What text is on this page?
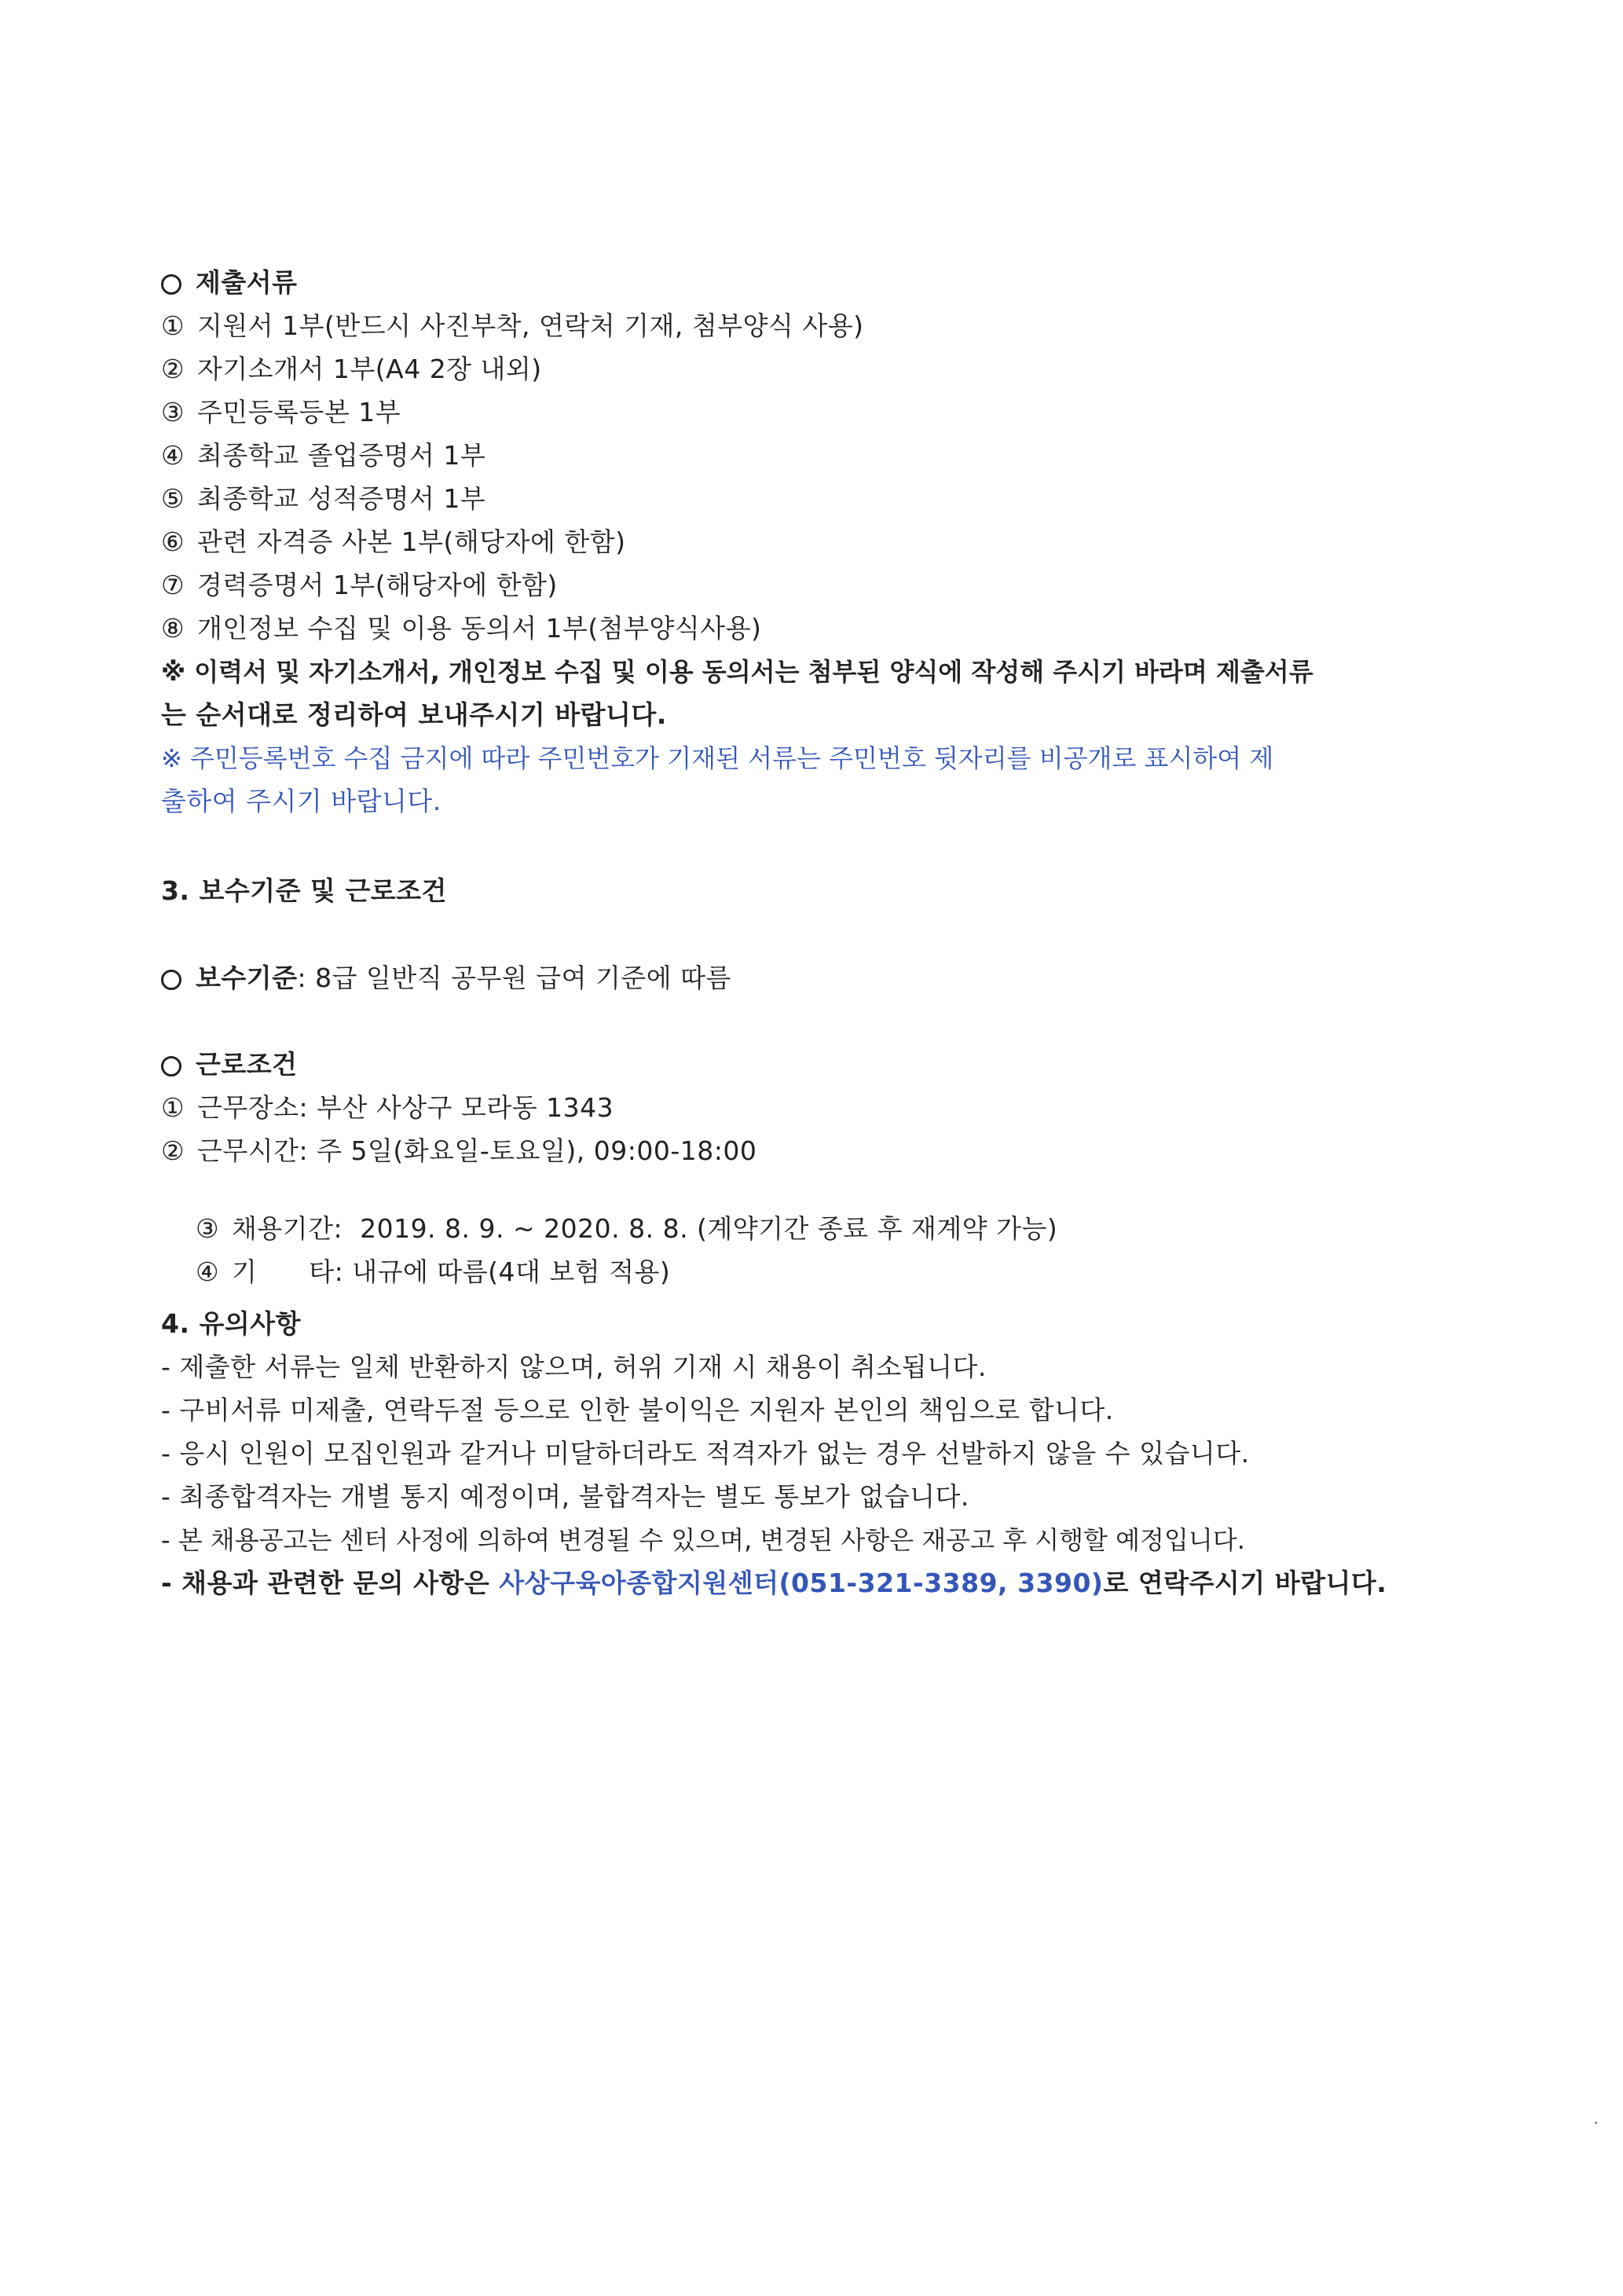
제출서류
① 지원서 1부(반드시 사진부착, 연락처 기재, 첨부양식 사용)
② 자기소개서 1부(A4 2장 내외)
③ 주민등록등본 1부
④ 최종학교 졸업증명서 1부
⑤ 최종학교 성적증명서 1부
⑥ 관련 자격증 사본 1부(해당자에 한함)
⑦ 경력증명서 1부(해당자에 한함)
⑧ 개인정보 수집 및 이용 동의서 1부(첨부양식사용)
※ 이력서 및 자기소개서, 개인정보 수집 및 이용 동의서는 첨부된 양식에 작성해 주시기 바라며 제출서류
는 순서대로 정리하여 보내주시기 바랍니다.
※ 주민등록번호 수집 금지에 따라 주민번호가 기재된 서류는 주민번호 뒷자리를 비공개로 표시하여 제
출하여 주시기 바랍니다.
3. 보수기준 및 근로조건
보수기준: 8급 일반직 공무원 급여 기준에 따름
근로조건
① 근무장소: 부산 사상구 모라동 1343
② 근무시간: 주 5일(화요일-토요일), 09:00-18:00

③ 채용기간:  2019. 8. 9. ~ 2020. 8. 8. (계약기간 종료 후 재계약 가능)

④ 기      타: 내규에 따름(4대 보험 적용)

4. 유의사항
- 제출한 서류는 일체 반환하지 않으며, 허위 기재 시 채용이 취소됩니다.
- 구비서류 미제출, 연락두절 등으로 인한 불이익은 지원자 본인의 책임으로 합니다.
- 응시 인원이 모집인원과 같거나 미달하더라도 적격자가 없는 경우 선발하지 않을 수 있습니다.
- 최종합격자는 개별 통지 예정이며, 불합격자는 별도 통보가 없습니다.
- 본 채용공고는 센터 사정에 의하여 변경될 수 있으며, 변경된 사항은 재공고 후 시행할 예정입니다.
- 채용과 관련한 문의 사항은 사상구육아종합지원센터(051-321-3389, 3390)로 연락주시기 바랍니다.
